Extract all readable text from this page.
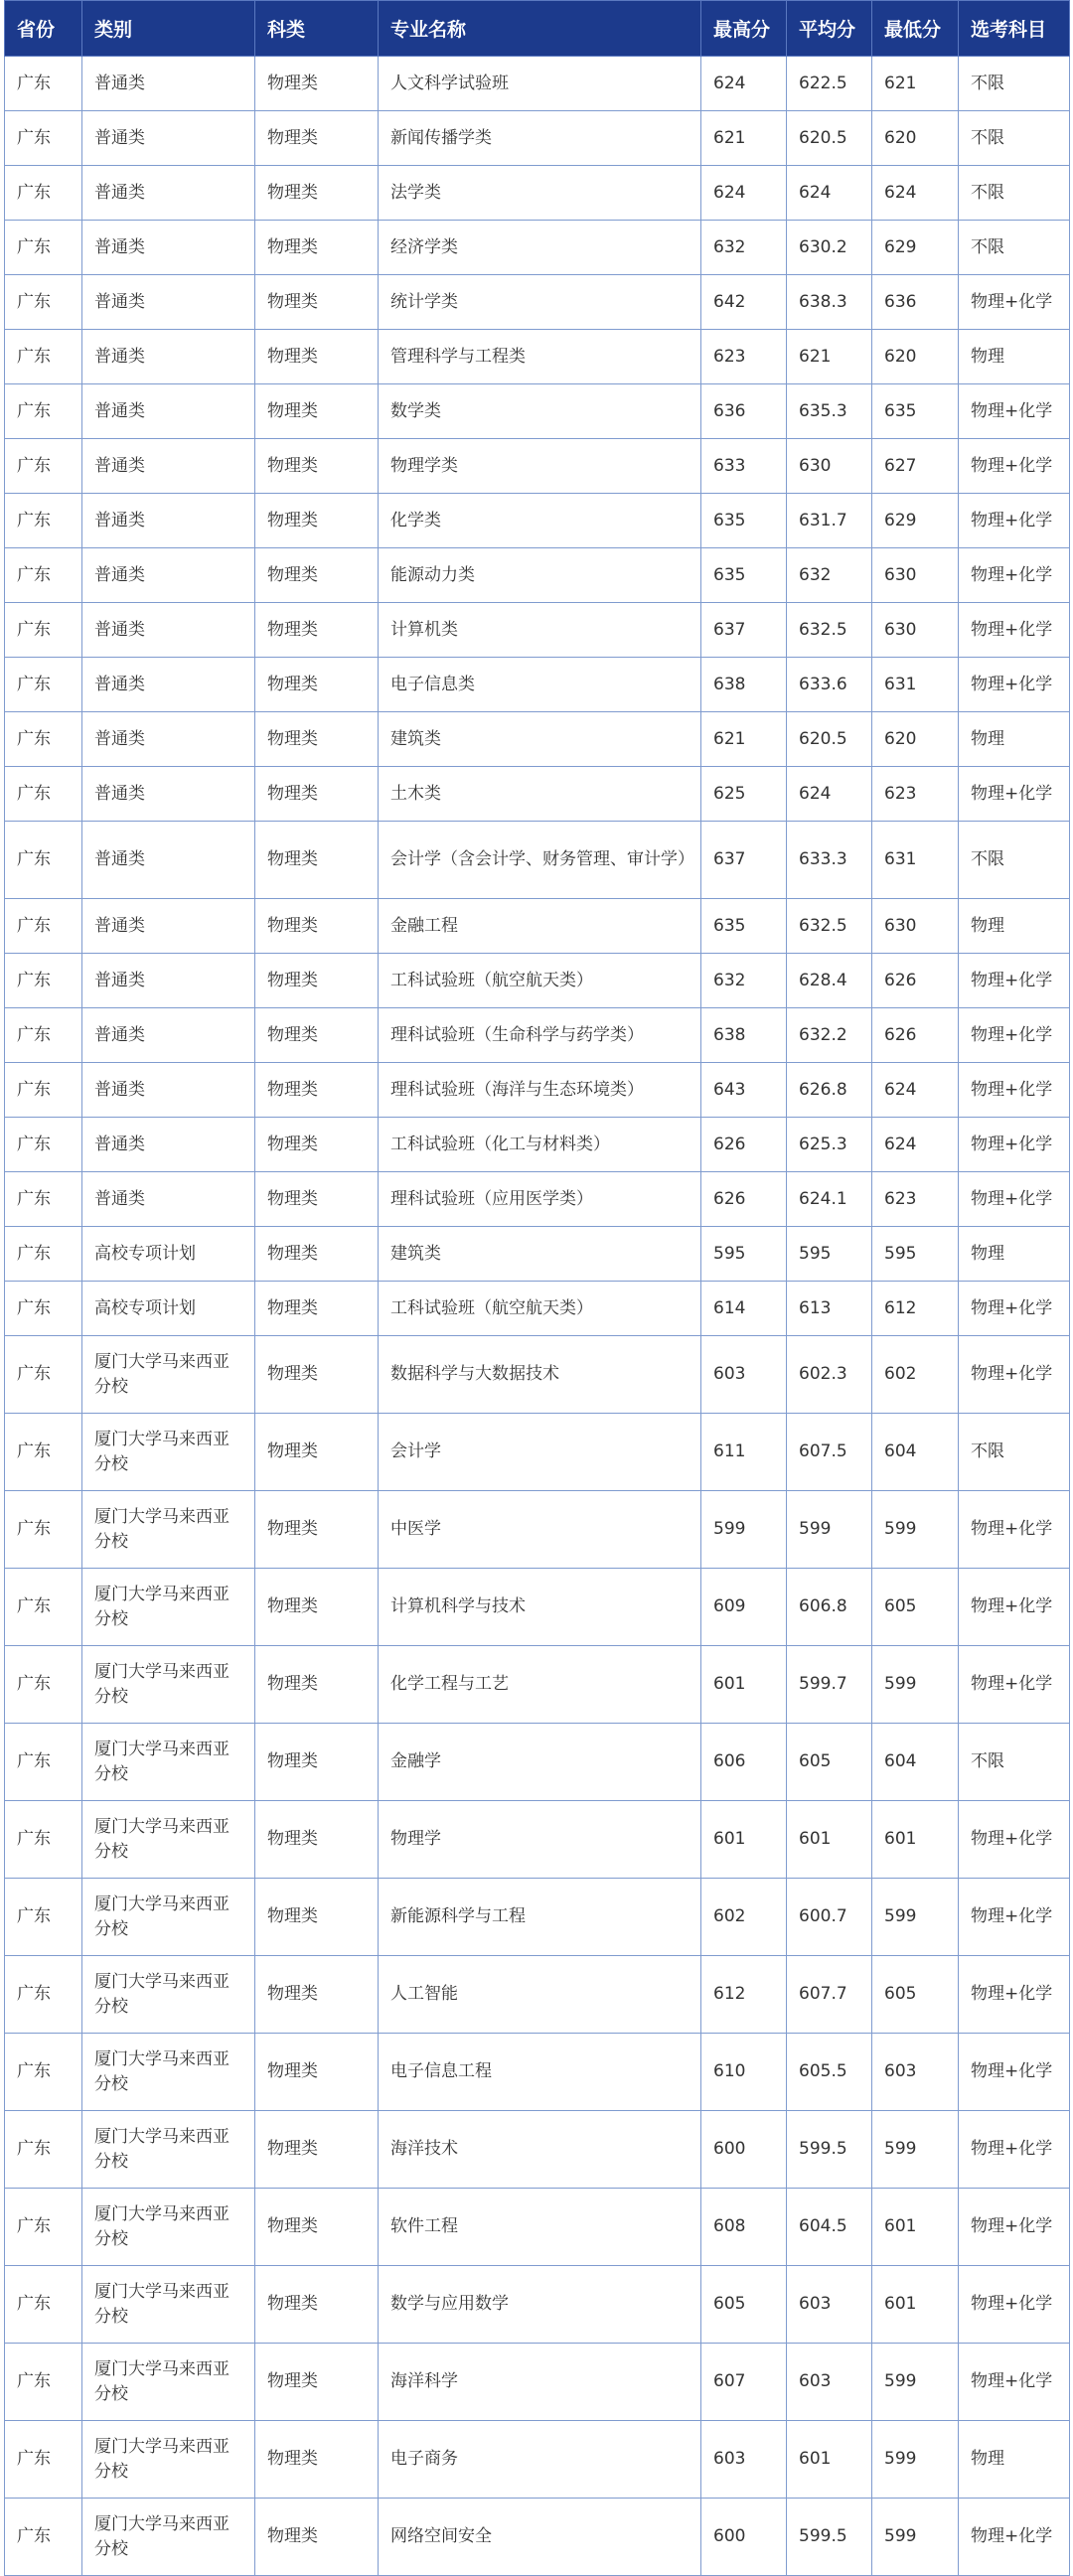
省份	类别	科类	专业名称	最高分	平均分	最低分	选考科目
广东	普通类	物理类	人文科学试验班	624	622.5	621	不限
广东	普通类	物理类	新闻传播学类	621	620.5	620	不限
广东	普通类	物理类	法学类	624	624	624	不限
广东	普通类	物理类	经济学类	632	630.2	629	不限
广东	普通类	物理类	统计学类	642	638.3	636	物理+化学
广东	普通类	物理类	管理科学与工程类	623	621	620	物理
广东	普通类	物理类	数学类	636	635.3	635	物理+化学
广东	普通类	物理类	物理学类	633	630	627	物理+化学
广东	普通类	物理类	化学类	635	631.7	629	物理+化学
广东	普通类	物理类	能源动力类	635	632	630	物理+化学
广东	普通类	物理类	计算机类	637	632.5	630	物理+化学
广东	普通类	物理类	电子信息类	638	633.6	631	物理+化学
广东	普通类	物理类	建筑类	621	620.5	620	物理
广东	普通类	物理类	土木类	625	624	623	物理+化学
广东	普通类	物理类	会计学（含会计学、财务管理、审计学）	637	633.3	631	不限
广东	普通类	物理类	金融工程	635	632.5	630	物理
广东	普通类	物理类	工科试验班（航空航天类）	632	628.4	626	物理+化学
广东	普通类	物理类	理科试验班（生命科学与药学类）	638	632.2	626	物理+化学
广东	普通类	物理类	理科试验班（海洋与生态环境类）	643	626.8	624	物理+化学
广东	普通类	物理类	工科试验班（化工与材料类）	626	625.3	624	物理+化学
广东	普通类	物理类	理科试验班（应用医学类）	626	624.1	623	物理+化学
广东	高校专项计划	物理类	建筑类	595	595	595	物理
广东	高校专项计划	物理类	工科试验班（航空航天类）	614	613	612	物理+化学
广东	厦门大学马来西亚分校	物理类	数据科学与大数据技术	603	602.3	602	物理+化学
广东	厦门大学马来西亚分校	物理类	会计学	611	607.5	604	不限
广东	厦门大学马来西亚分校	物理类	中医学	599	599	599	物理+化学
广东	厦门大学马来西亚分校	物理类	计算机科学与技术	609	606.8	605	物理+化学
广东	厦门大学马来西亚分校	物理类	化学工程与工艺	601	599.7	599	物理+化学
广东	厦门大学马来西亚分校	物理类	金融学	606	605	604	不限
广东	厦门大学马来西亚分校	物理类	物理学	601	601	601	物理+化学
广东	厦门大学马来西亚分校	物理类	新能源科学与工程	602	600.7	599	物理+化学
广东	厦门大学马来西亚分校	物理类	人工智能	612	607.7	605	物理+化学
广东	厦门大学马来西亚分校	物理类	电子信息工程	610	605.5	603	物理+化学
广东	厦门大学马来西亚分校	物理类	海洋技术	600	599.5	599	物理+化学
广东	厦门大学马来西亚分校	物理类	软件工程	608	604.5	601	物理+化学
广东	厦门大学马来西亚分校	物理类	数学与应用数学	605	603	601	物理+化学
广东	厦门大学马来西亚分校	物理类	海洋科学	607	603	599	物理+化学
广东	厦门大学马来西亚分校	物理类	电子商务	603	601	599	物理
广东	厦门大学马来西亚分校	物理类	网络空间安全	600	599.5	599	物理+化学
